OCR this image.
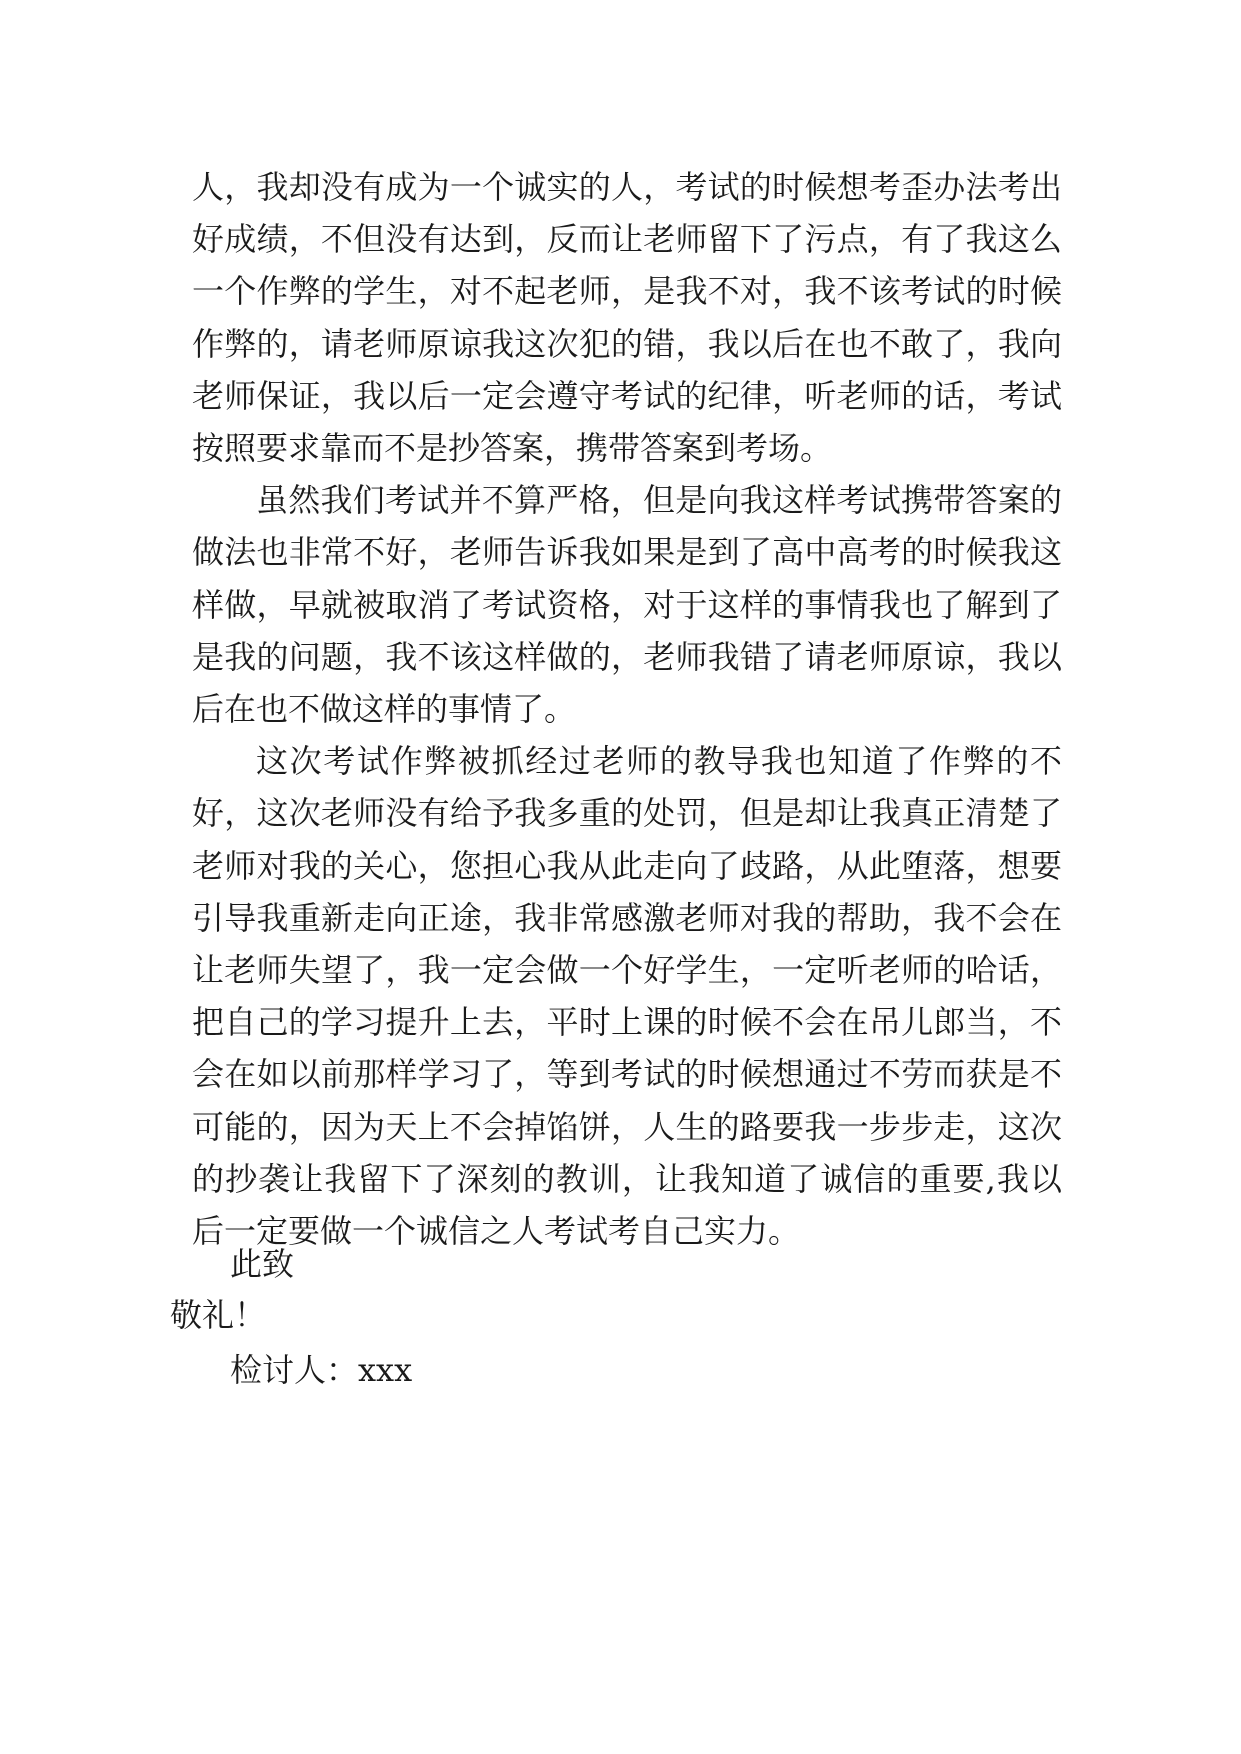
人，我却没有成为一个诚实的人，考试的时候想考歪办法考出好成绩，不但没有达到，反而让老师留下了污点，有了我这么一个作弊的学生，对不起老师，是我不对，我不该考试的时候作弊的，请老师原谅我这次犯的错，我以后在也不敢了，我向老师保证，我以后一定会遵守考试的纪律，听老师的话，考试按照要求靠而不是抄答案，携带答案到考场。

虽然我们考试并不算严格，但是向我这样考试携带答案的做法也非常不好，老师告诉我如果是到了高中高考的时候我这样做，早就被取消了考试资格，对于这样的事情我也了解到了是我的问题，我不该这样做的，老师我错了请老师原谅，我以后在也不做这样的事情了。

这次考试作弊被抓经过老师的教导我也知道了作弊的不好，这次老师没有给予我多重的处罚，但是却让我真正清楚了老师对我的关心，您担心我从此走向了歧路，从此堕落，想要引导我重新走向正途，我非常感激老师对我的帮助，我不会在让老师失望了，我一定会做一个好学生，一定听老师的哈话，把自己的学习提升上去，平时上课的时候不会在吊儿郎当，不会在如以前那样学习了，等到考试的时候想通过不劳而获是不可能的，因为天上不会掉馅饼，人生的路要我一步步走，这次的抄袭让我留下了深刻的教训，让我知道了诚信的重要,我以后一定要做一个诚信之人考试考自己实力。

此致
敬礼！
检讨人：xxx
